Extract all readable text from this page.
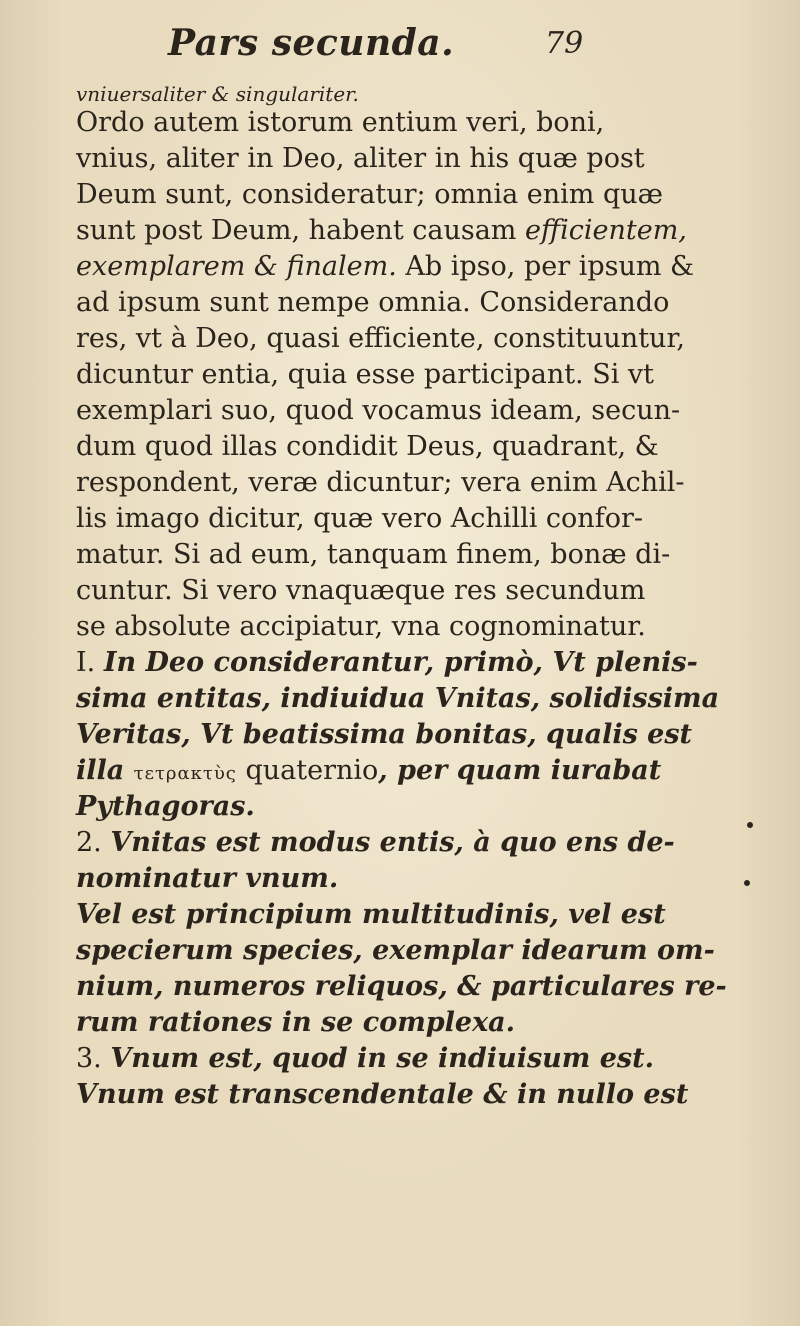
Pars secunda.	79
vniuersaliter & singulariter.
Ordo autem istorum entium veri, boni,
vnius, aliter in Deo, aliter in his quæ post
Deum sunt, consideratur; omnia enim quæ
sunt post Deum, habent causam efficientem,
exemplarem & finalem. Ab ipso, per ipsum &
ad ipsum sunt nempe omnia. Considerando
res, vt à Deo, quasi efficiente, constituuntur,
dicuntur entia, quia esse participant. Si vt
exemplari suo, quod vocamus ideam, secun-
dum quod illas condidit Deus, quadrant, &
respondent, veræ dicuntur; vera enim Achil-
lis imago dicitur, quæ vero Achilli confor-
matur. Si ad eum, tanquam finem, bonæ di-
cuntur. Si vero vnaquæque res secundum
se absolute accipiatur, vna cognominatur.
I. In Deo considerantur, primò, Vt plenis-
sima entitas, indiuidua Vnitas, solidissima
Veritas, Vt beatissima bonitas, qualis est
illa τετρακτὺς quaternio, per quam iurabat
Pythagoras.
2. Vnitas est modus entis, à quo ens de-
nominatur vnum.
Vel est principium multitudinis, vel est
specierum species, exemplar idearum om-
nium, numeros reliquos, & particulares re-
rum rationes in se complexa.
3. Vnum est, quod in se indiuisum est.
Vnum est transcendentale & in nullo est
